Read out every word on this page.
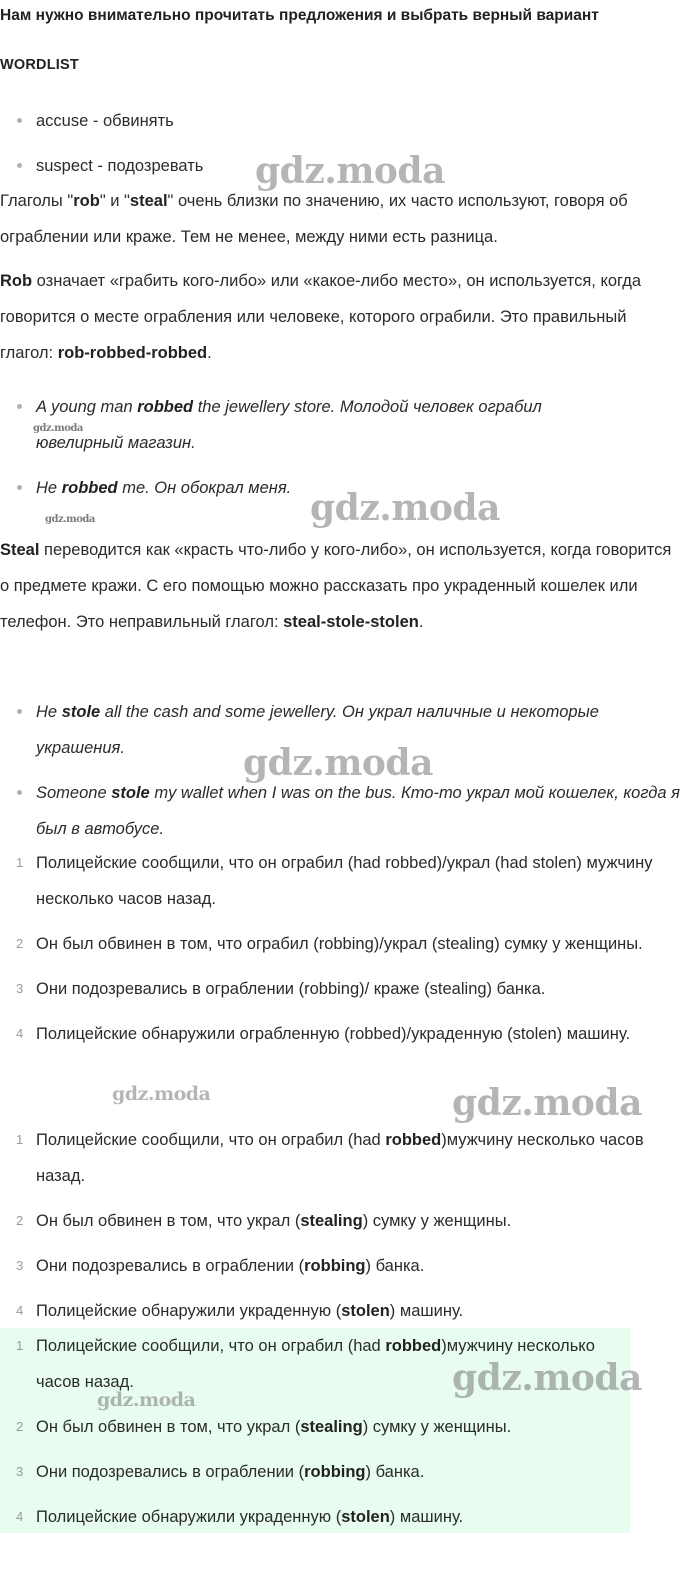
Нам нужно внимательно прочитать предложения и выбрать верный вариант
WORDLIST
accuse - обвинять
suspect - подозревать

Глаголы "rob" и "steal" очень близки по значению, их часто используют, говоря об ограблении или краже. Тем не менее, между ними есть разница.

Rob означает «грабить кого-либо» или «какое-либо место», он используется, когда говорится о месте ограбления или человеке, которого ограбили. Это правильный глагол: rob-robbed-robbed.

A young man robbed the jewellery store. Молодой человек ограбил ювелирный магазин.
He robbed me. Он обокрал меня.

Steal переводится как «красть что-либо у кого-либо», он используется, когда говорится о предмете кражи. С его помощью можно рассказать про украденный кошелек или телефон. Это неправильный глагол: steal-stole-stolen.

He stole all the cash and some jewellery. Он украл наличные и некоторые украшения.
Someone stole my wallet when I was on the bus. Кто-то украл мой кошелек, когда я был в автобусе.
1 Полицейские сообщили, что он ограбил (had robbed)/украл (had stolen) мужчину несколько часов назад.
2 Он был обвинен в том, что ограбил (robbing)/украл (stealing) сумку у женщины.
3 Они подозревались в ограблении (robbing)/ краже (stealing) банка.
4 Полицейские обнаружили ограбленную (robbed)/украденную (stolen) машину.
1 Полицейские сообщили, что он ограбил (had robbed)мужчину несколько часов назад.
2 Он был обвинен в том, что украл (stealing) сумку у женщины.
3 Они подозревались в ограблении (robbing) банка.
4 Полицейские обнаружили украденную (stolen) машину.
1 Полицейские сообщили, что он ограбил (had robbed)мужчину несколько часов назад.
2 Он был обвинен в том, что украл (stealing) сумку у женщины.
3 Они подозревались в ограблении (robbing) банка.
4 Полицейские обнаружили украденную (stolen) машину.
gdz.moda
gdz.moda
gdz.moda
gdz.moda
gdz.moda
gdz.moda	gdz.moda
gdz.moda
gdz.moda
